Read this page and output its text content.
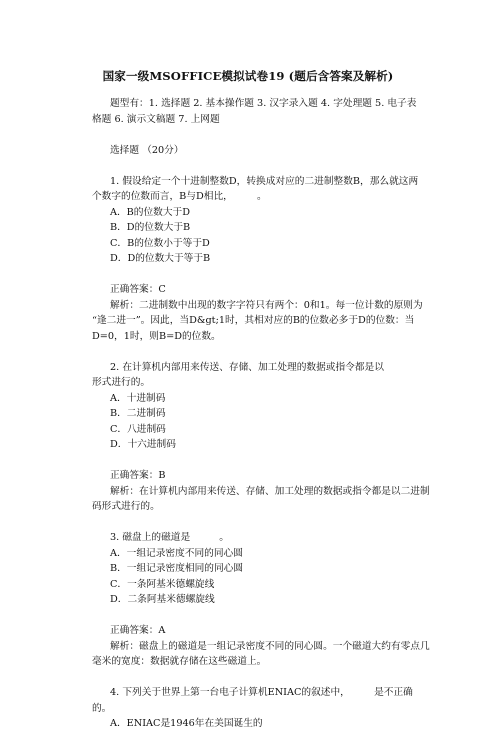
国家一级MSOFFICE模拟试卷19 (题后含答案及解析)
题型有：1. 选择题 2. 基本操作题 3. 汉字录入题 4. 字处理题 5. 电子表
格题 6. 演示文稿题 7. 上网题
选择题 （20分）
1. 假设给定一个十进制整数D，转换成对应的二进制整数B，那么就这两
个数字的位数而言，B与D相比，　　　。
A．B的位数大于D
B．D的位数大于B
C．B的位数小于等于D
D．D的位数大于等于B
正确答案：C
解析：二进制数中出现的数字字符只有两个：0和1。每一位计数的原则为
“逢二进一”。因此，当D&gt;1时，其相对应的B的位数必多于D的位数：当
D=0，1时，则B=D的位数。
2. 在计算机内部用来传送、存储、加工处理的数据或指令都是以
形式进行的。
A．十进制码
B．二进制码
C．八进制码
D．十六进制码
正确答案：B
解析：在计算机内部用来传送、存储、加工处理的数据或指令都是以二进制
码形式进行的。
3. 磁盘上的磁道是　　　。
A．一组记录密度不同的同心圆
B．一组记录密度相同的同心圆
C．一条阿基米德螺旋线
D．二条阿基米德螺旋线
正确答案：A
解析：磁盘上的磁道是一组记录密度不同的同心圆。一个磁道大约有零点几
毫米的宽度：数据就存储在这些磁道上。
4. 下列关于世界上第一台电子计算机ENIAC的叙述中，　　　是不正确
的。
A．ENIAC是1946年在美国诞生的
